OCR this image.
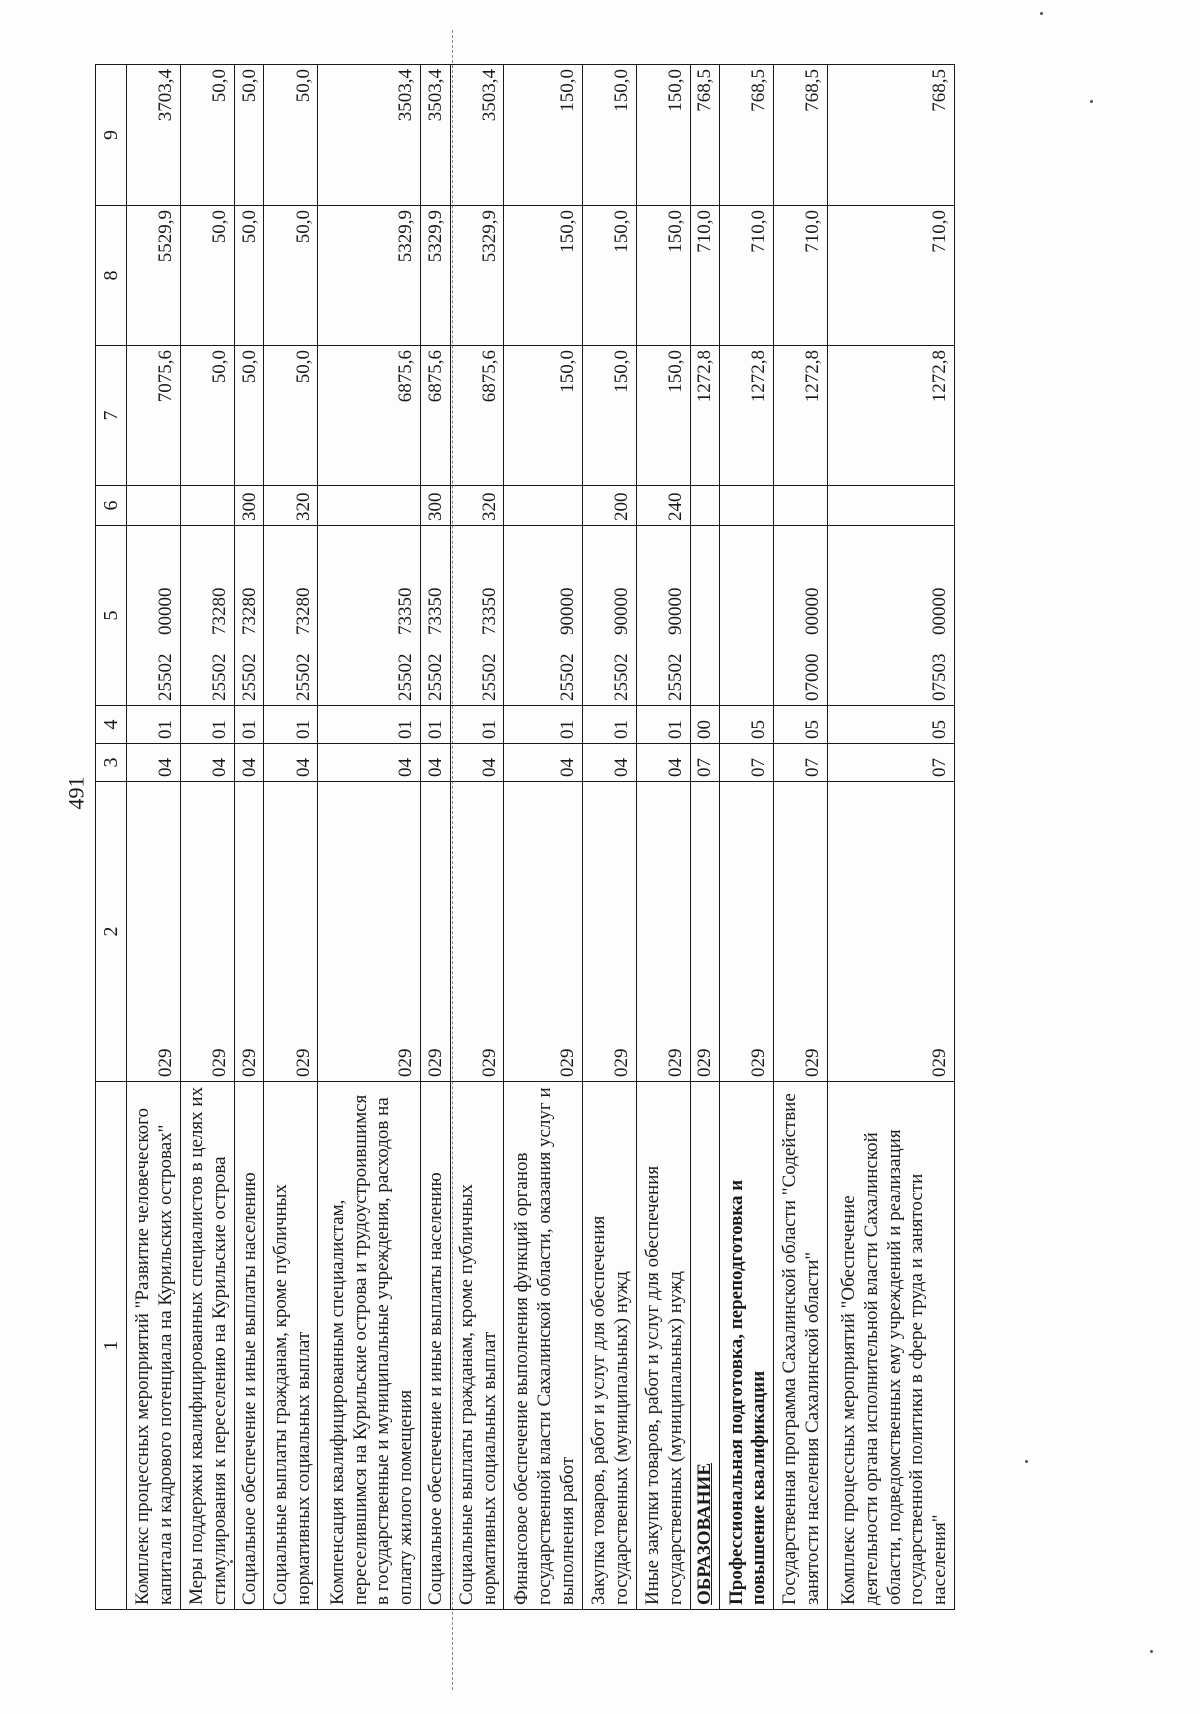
491
1	2	3	4	5	6	7	8	9
Комплекс процессных мероприятий "Развитие человеческого капитала и кадрового потенциала на Курильских островах"	029	04	01	2550200000		7075,6	5529,9	3703,4
Меры поддержки квалифицированных специалистов в целях их стимулирования к переселению на Курильские острова	029	04	01	2550273280		50,0	50,0	50,0
Социальное обеспечение и иные выплаты населению	029	04	01	2550273280	300	50,0	50,0	50,0
Социальные выплаты гражданам, кроме публичных нормативных социальных выплат	029	04	01	2550273280	320	50,0	50,0	50,0
Компенсация квалифицированным специалистам, переселившимся на Курильские острова и трудоустроившимся в государственные и муниципальные учреждения, расходов на оплату жилого помещения	029	04	01	2550273350		6875,6	5329,9	3503,4
Социальное обеспечение и иные выплаты населению	029	04	01	2550273350	300	6875,6	5329,9	3503,4
Социальные выплаты гражданам, кроме публичных нормативных социальных выплат	029	04	01	2550273350	320	6875,6	5329,9	3503,4
Финансовое обеспечение выполнения функций органов государственной власти Сахалинской области, оказания услуг и выполнения работ	029	04	01	2550290000		150,0	150,0	150,0
Закупка товаров, работ и услуг для обеспечения государственных (муниципальных) нужд	029	04	01	2550290000	200	150,0	150,0	150,0
Иные закупки товаров, работ и услуг для обеспечения государственных (муниципальных) нужд	029	04	01	2550290000	240	150,0	150,0	150,0
ОБРАЗОВАНИЕ	029	07	00			1272,8	710,0	768,5
Профессиональная подготовка, переподготовка и повышение квалификации	029	07	05			1272,8	710,0	768,5
Государственная программа Сахалинской области "Содействие занятости населения Сахалинской области"	029	07	05	0700000000		1272,8	710,0	768,5
Комплекс процессных мероприятий "Обеспечение деятельности органа исполнительной власти Сахалинской области, подведомственных ему учреждений и реализация государственной политики в сфере труда и занятости населения"	029	07	05	0750300000		1272,8	710,0	768,5
